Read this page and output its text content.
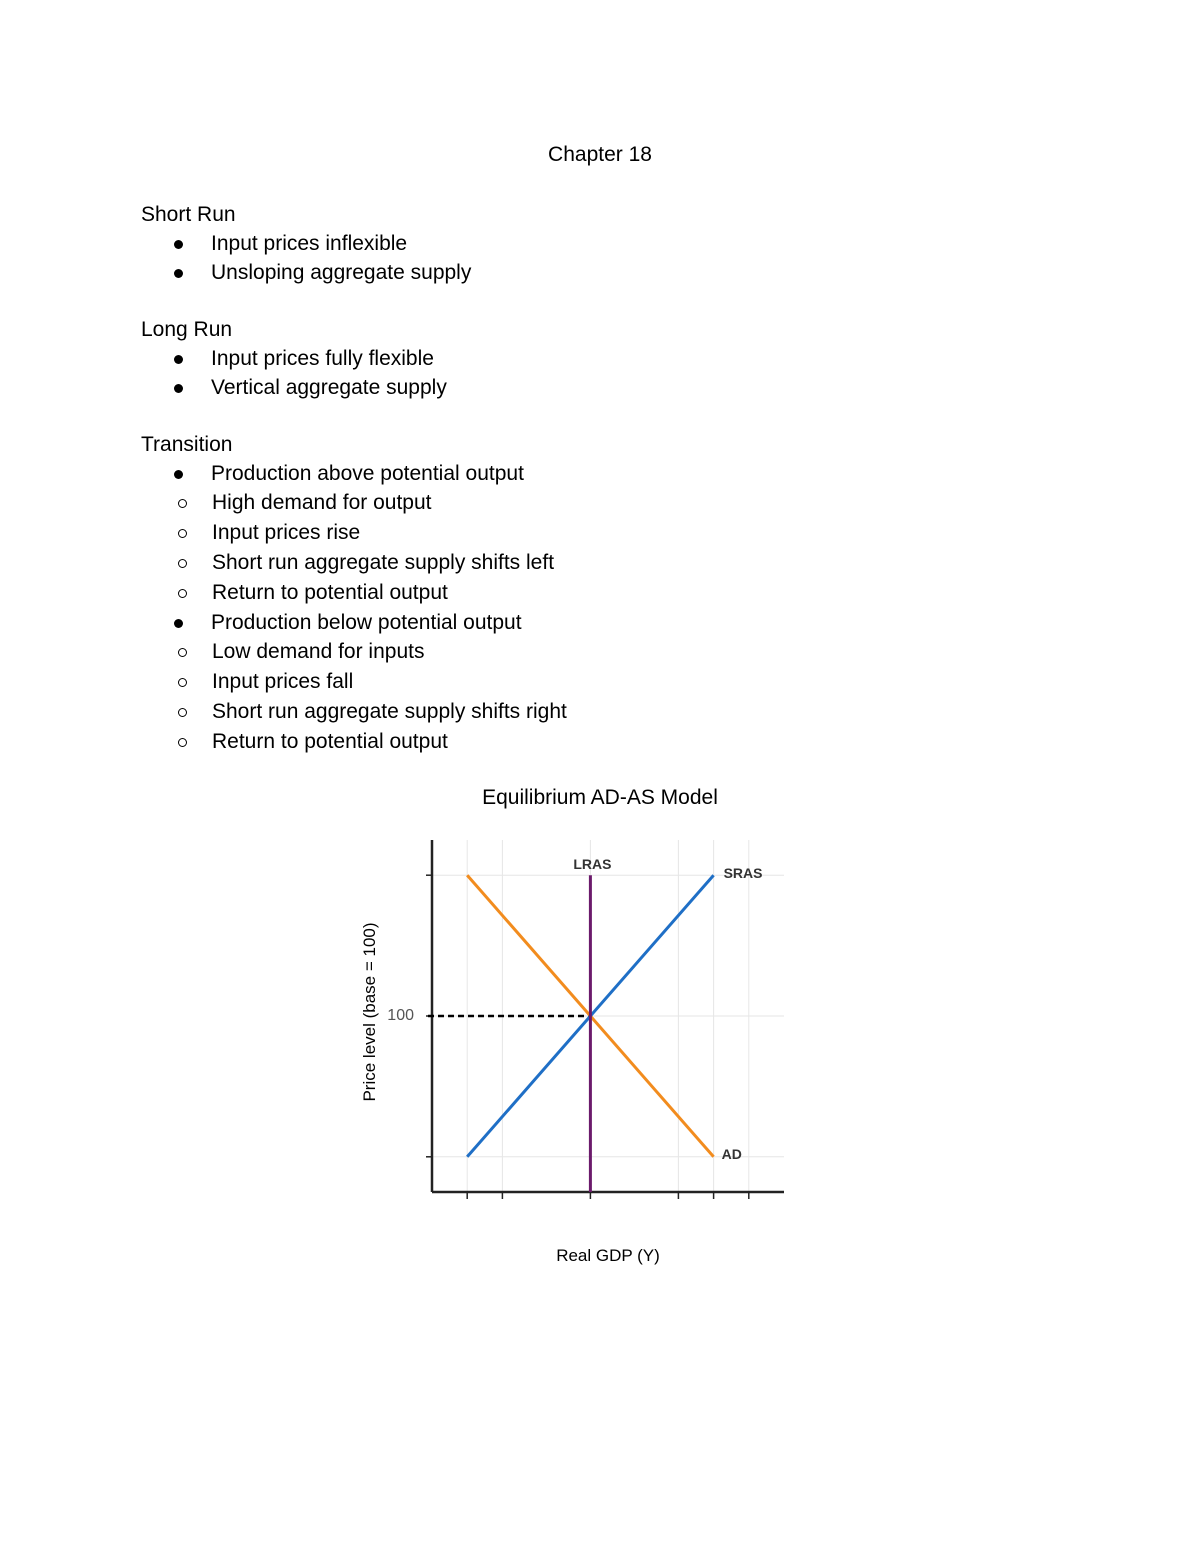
Chapter 18
Short Run
Input prices inflexible
Unsloping aggregate supply
Long Run
Input prices fully flexible
Vertical aggregate supply
Transition
Production above potential output
High demand for output
Input prices rise
Short run aggregate supply shifts left
Return to potential output
Production below potential output
Low demand for inputs
Input prices fall
Short run aggregate supply shifts right
Return to potential output
Equilibrium AD-AS Model
100
AD
SRAS
LRAS
Price level (base = 100)
Real GDP (Y)
